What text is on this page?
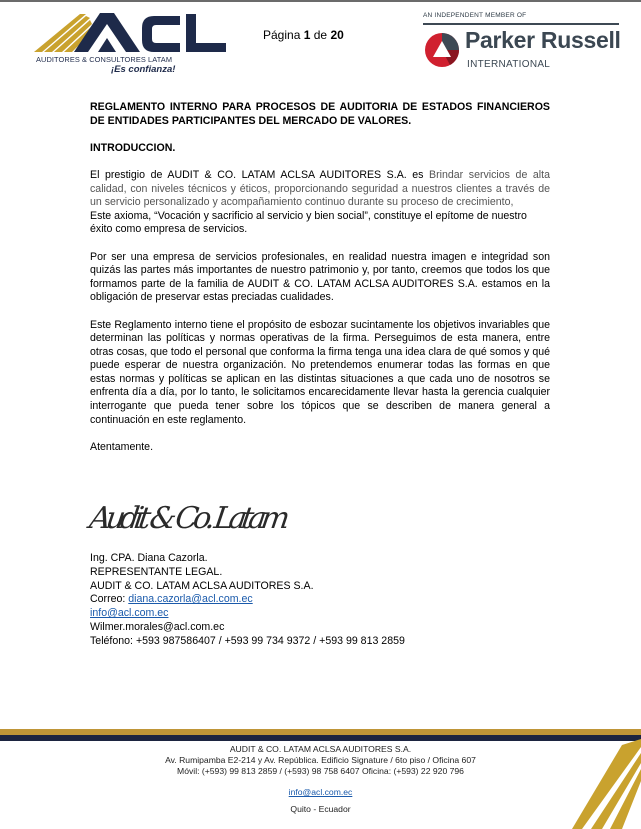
AUDITORES & CONSULTORES LATAM
¡Es confianza!
Página 1 de 20
AN INDEPENDENT MEMBER OF
Parker Russell
INTERNATIONAL

REGLAMENTO INTERNO PARA PROCESOS DE AUDITORIA DE ESTADOS FINANCIEROS DE ENTIDADES PARTICIPANTES DEL MERCADO DE VALORES.

INTRODUCCION.

El prestigio de AUDIT & CO. LATAM ACLSA AUDITORES S.A. es Brindar servicios de alta calidad, con niveles técnicos y éticos, proporcionando seguridad a nuestros clientes a través de un servicio personalizado y acompañamiento continuo durante su proceso de crecimiento,

Este axioma, “Vocación y sacrificio al servicio y bien social”, constituye el epítome de nuestro éxito como empresa de servicios.

Por ser una empresa de servicios profesionales, en realidad nuestra imagen e integridad son quizás las partes más importantes de nuestro patrimonio y, por tanto, creemos que todos los que formamos parte de la familia de AUDIT & CO. LATAM ACLSA AUDITORES S.A. estamos en la obligación de preservar estas preciadas cualidades.

Este Reglamento interno tiene el propósito de esbozar sucintamente los objetivos invariables que determinan las políticas y normas operativas de la firma. Perseguimos de esta manera, entre otras cosas, que todo el personal que conforma la firma tenga una idea clara de qué somos y qué puede esperar de nuestra organización. No pretendemos enumerar todas las formas en que estas normas y políticas se aplican en las distintas situaciones a que cada uno de nosotros se enfrenta día a día, por lo tanto, le solicitamos encarecidamente llevar hasta la gerencia cualquier interrogante que pueda tener sobre los tópicos que se describen de manera general a continuación en este reglamento.

Atentamente.

Audit & Co. Latam
Ing. CPA. Diana Cazorla.
REPRESENTANTE LEGAL.
AUDIT & CO. LATAM ACLSA AUDITORES S.A.
Correo: diana.cazorla@acl.com.ec
info@acl.com.ec
Wilmer.morales@acl.com.ec
Teléfono: +593 987586407 / +593 99 734 9372 / +593 99 813 2859
AUDIT & CO. LATAM ACLSA AUDITORES S.A.
Av. Rumipamba E2-214 y Av. República. Edificio Signature / 6to piso / Oficina 607
Móvil: (+593) 99 813 2859 / (+593) 98 758 6407 Oficina: (+593) 22 920 796
info@acl.com.ec
Quito - Ecuador
